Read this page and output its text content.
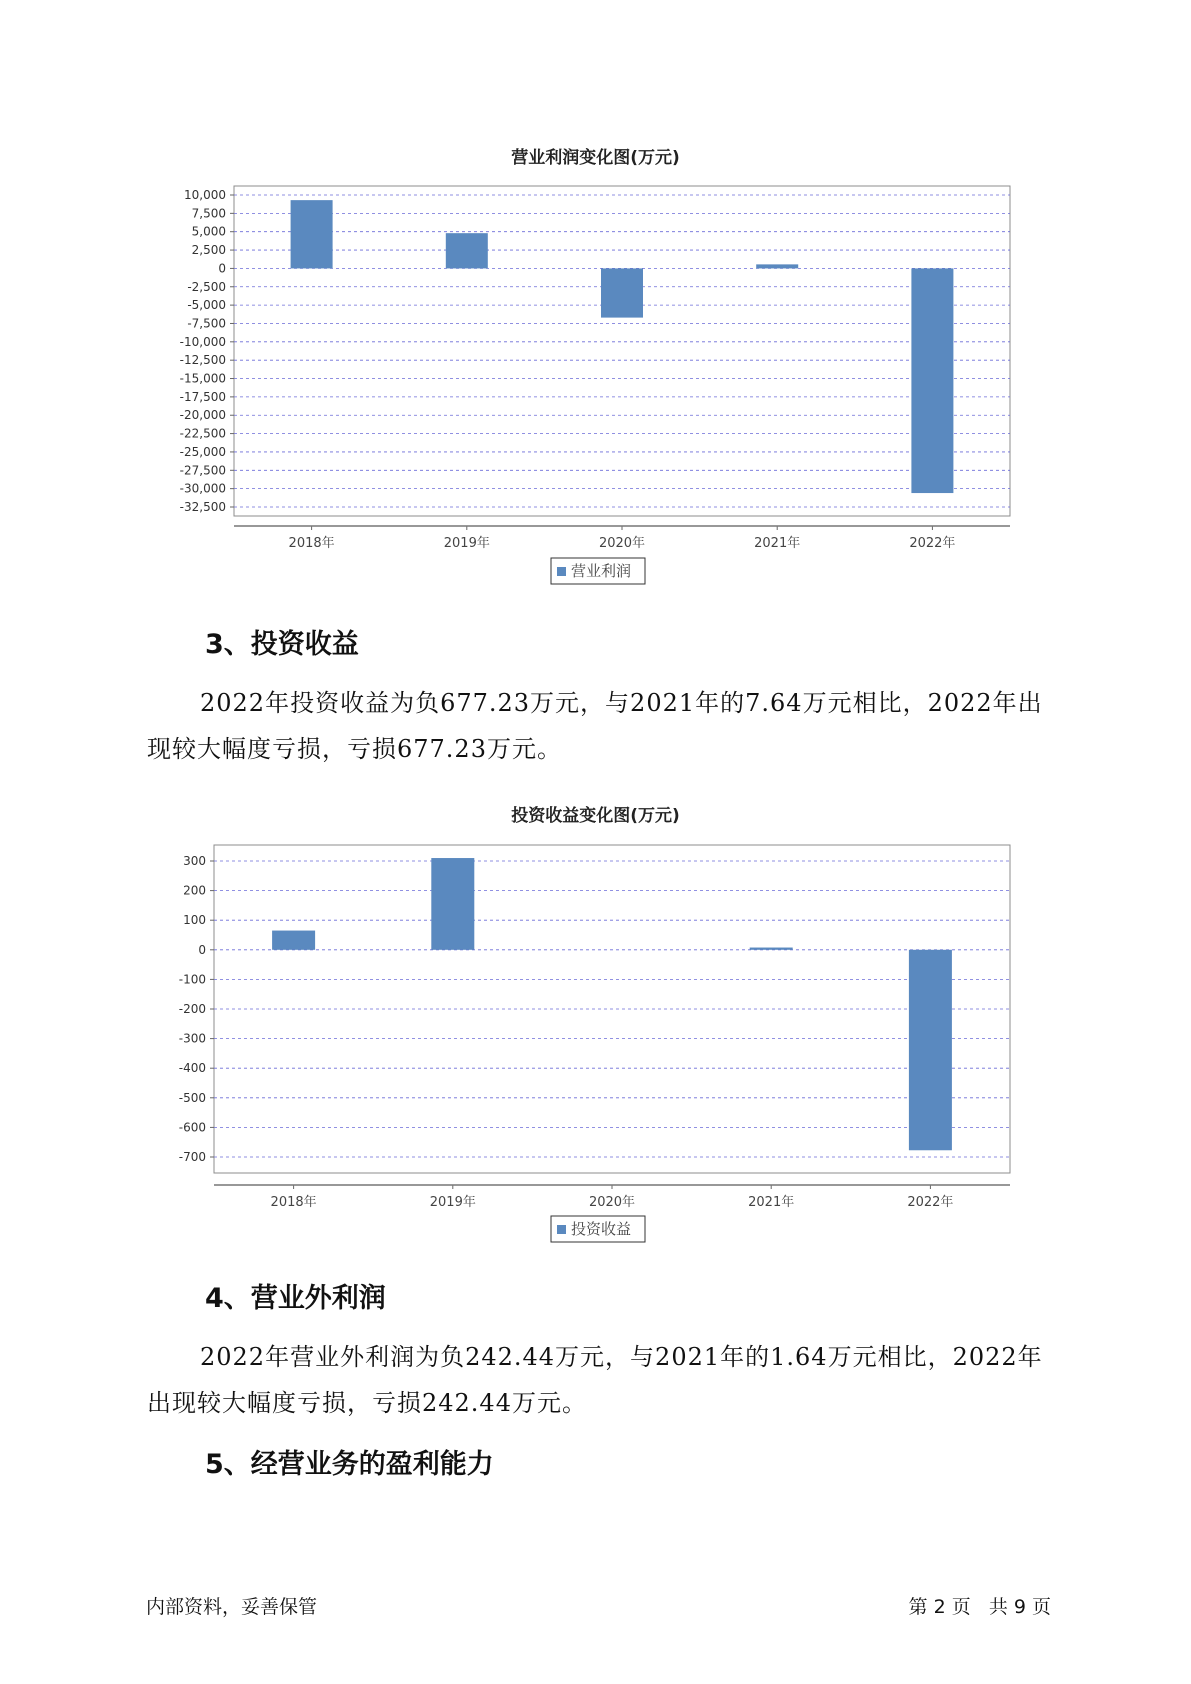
营业利润变化图(万元)
10,000
7,500
5,000
2,500
0
-2,500
-5,000
-7,500
-10,000
-12,500
-15,000
-17,500
-20,000
-22,500
-25,000
-27,500
-30,000
-32,500
2018年	2019年	2020年	2021年	2022年
营业利润
3、投资收益

2022年投资收益为负677.23万元，与2021年的7.64万元相比，2022年出现较大幅度亏损，亏损677.23万元。

投资收益变化图(万元)
300
200
100
0
-100
-200
-300
-400
-500
-600
-700
2018年	2019年	2020年	2021年	2022年
投资收益
4、营业外利润

2022年营业外利润为负242.44万元，与2021年的1.64万元相比，2022年出现较大幅度亏损，亏损242.44万元。

5、经营业务的盈利能力
内部资料，妥善保管	第 2 页   共 9 页
